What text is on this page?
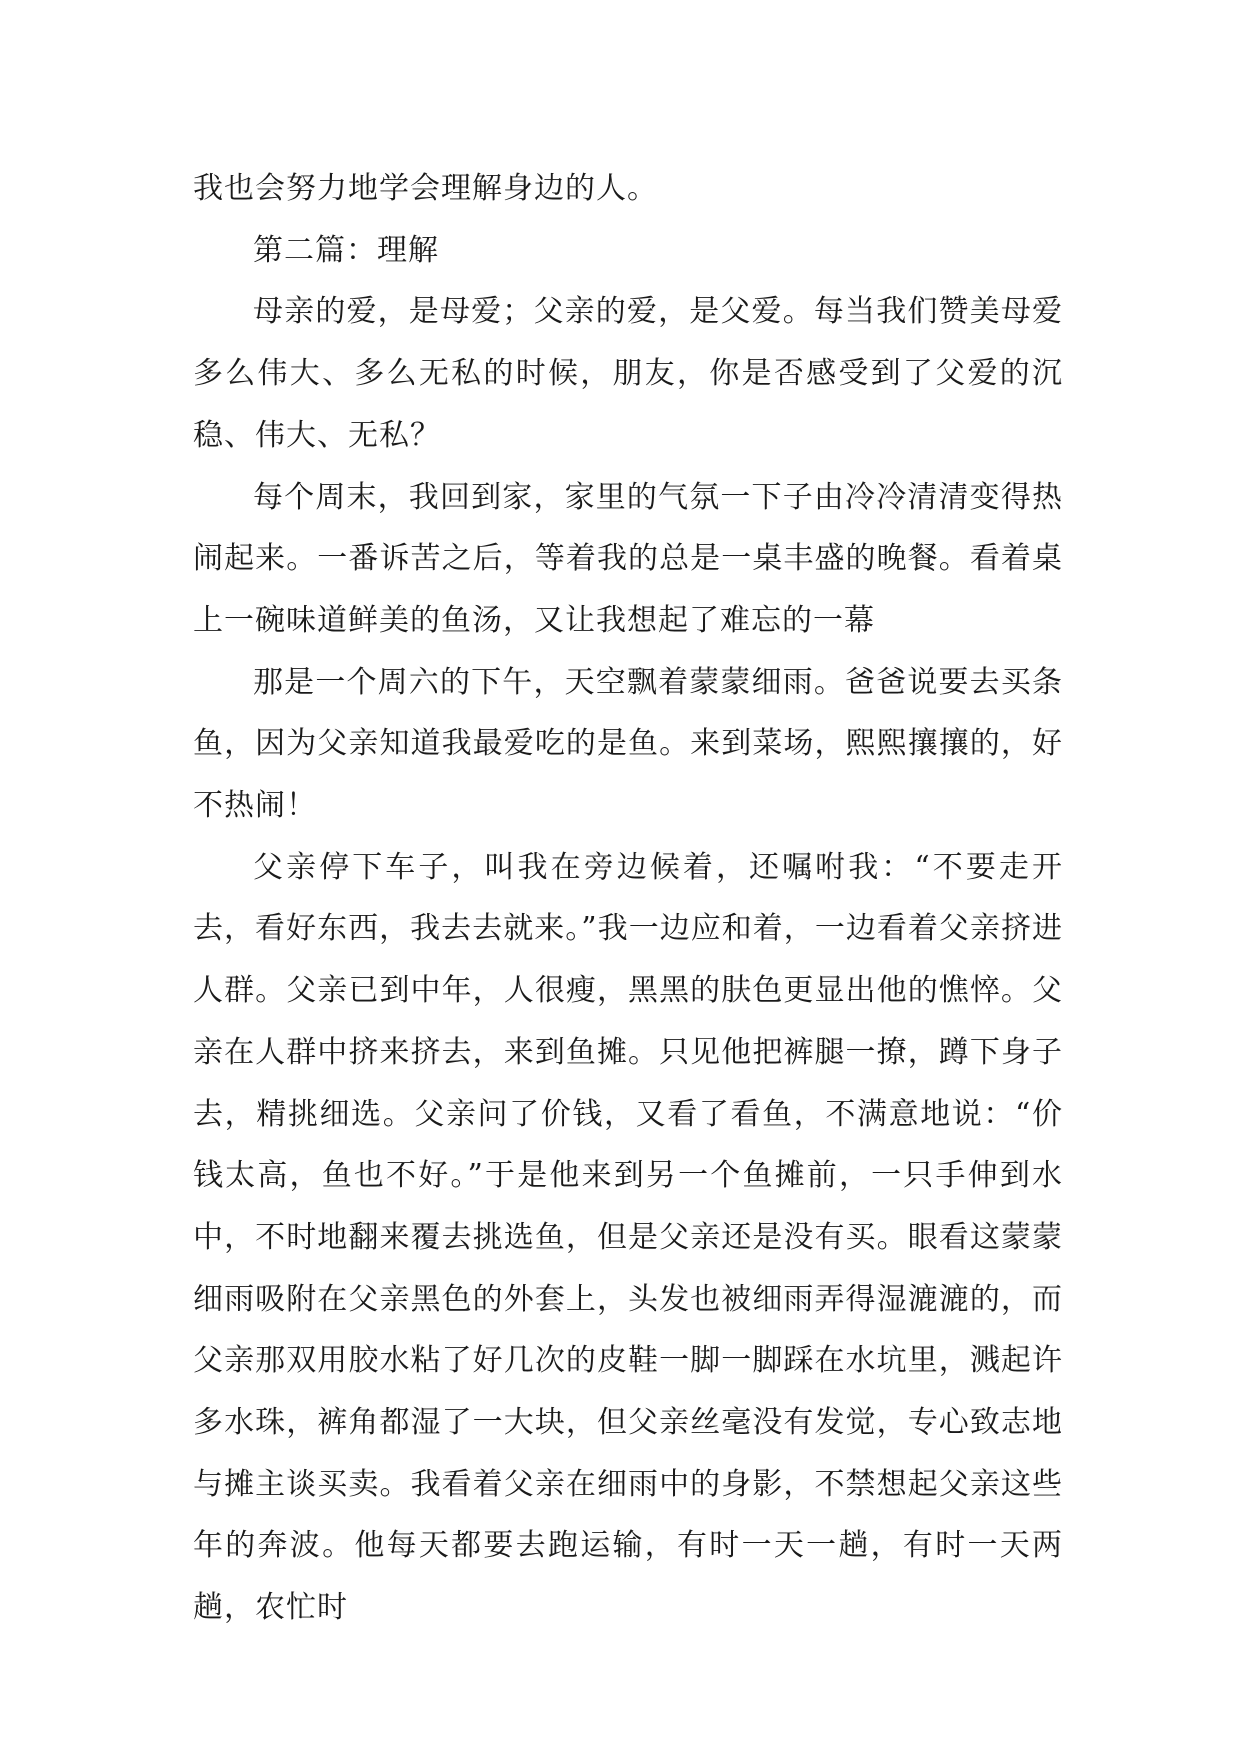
我也会努力地学会理解身边的人。

第二篇：理解

母亲的爱，是母爱；父亲的爱，是父爱。每当我们赞美母爱多么伟大、多么无私的时候，朋友，你是否感受到了父爱的沉稳、伟大、无私？

每个周末，我回到家，家里的气氛一下子由冷冷清清变得热闹起来。一番诉苦之后，等着我的总是一桌丰盛的晚餐。看着桌上一碗味道鲜美的鱼汤，又让我想起了难忘的一幕

那是一个周六的下午，天空飘着蒙蒙细雨。爸爸说要去买条鱼，因为父亲知道我最爱吃的是鱼。来到菜场，熙熙攘攘的，好不热闹！

父亲停下车子，叫我在旁边候着，还嘱咐我：“不要走开去，看好东西，我去去就来。”我一边应和着，一边看着父亲挤进人群。父亲已到中年，人很瘦，黑黑的肤色更显出他的憔悴。父亲在人群中挤来挤去，来到鱼摊。只见他把裤腿一撩，蹲下身子去，精挑细选。父亲问了价钱，又看了看鱼，不满意地说：“价钱太高，鱼也不好。”于是他来到另一个鱼摊前，一只手伸到水中，不时地翻来覆去挑选鱼，但是父亲还是没有买。眼看这蒙蒙细雨吸附在父亲黑色的外套上，头发也被细雨弄得湿漉漉的，而父亲那双用胶水粘了好几次的皮鞋一脚一脚踩在水坑里，溅起许多水珠，裤角都湿了一大块，但父亲丝毫没有发觉，专心致志地与摊主谈买卖。我看着父亲在细雨中的身影，不禁想起父亲这些年的奔波。他每天都要去跑运输，有时一天一趟，有时一天两趟，农忙时
